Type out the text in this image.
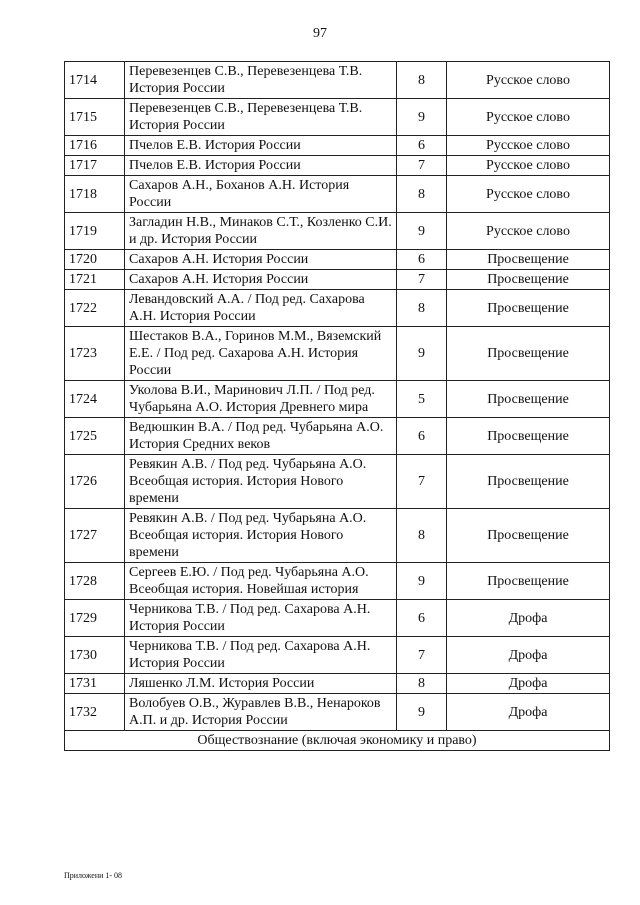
97
1714	Перевезенцев С.В., Перевезенцева Т.В. История России	8	Русское слово
1715	Перевезенцев С.В., Перевезенцева Т.В. История России	9	Русское слово
1716	Пчелов Е.В. История России	6	Русское слово
1717	Пчелов Е.В. История России	7	Русское слово
1718	Сахаров А.Н., Боханов А.Н. История России	8	Русское слово
1719	Загладин Н.В., Минаков С.Т., Козленко С.И. и др. История России	9	Русское слово
1720	Сахаров А.Н. История России	6	Просвещение
1721	Сахаров А.Н. История России	7	Просвещение
1722	Левандовский А.А. / Под ред. Сахарова А.Н. История России	8	Просвещение
1723	Шестаков В.А., Горинов М.М., Вяземский Е.Е. / Под ред. Сахарова А.Н. История России	9	Просвещение
1724	Уколова В.И., Маринович Л.П. / Под ред. Чубарьяна А.О. История Древнего мира	5	Просвещение
1725	Ведюшкин В.А. / Под ред. Чубарьяна А.О. История Средних веков	6	Просвещение
1726	Ревякин А.В. / Под ред. Чубарьяна А.О. Всеобщая история. История Нового времени	7	Просвещение
1727	Ревякин А.В. / Под ред. Чубарьяна А.О. Всеобщая история. История Нового времени	8	Просвещение
1728	Сергеев Е.Ю. / Под ред. Чубарьяна А.О. Всеобщая история. Новейшая история	9	Просвещение
1729	Черникова Т.В. / Под ред. Сахарова А.Н. История России	6	Дрофа
1730	Черникова Т.В. / Под ред. Сахарова А.Н. История России	7	Дрофа
1731	Ляшенко Л.М. История России	8	Дрофа
1732	Волобуев О.В., Журавлев В.В., Ненароков А.П. и др. История России	9	Дрофа
Обществознание (включая экономику и право)			
Приложени 1- 08
